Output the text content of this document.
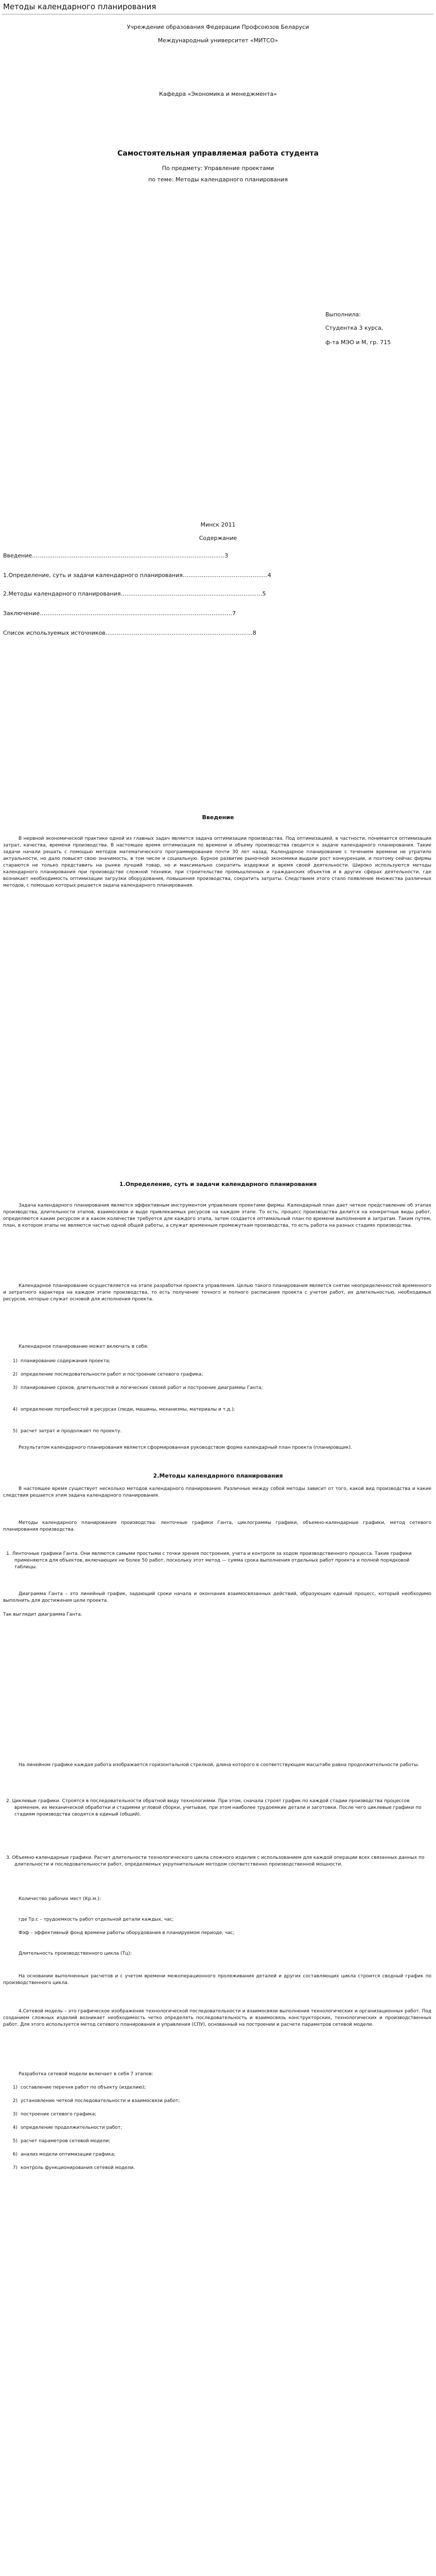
Методы календарного планирования
Учреждение образования Федерации Профсоюзов Беларуси
Международный университет «МИТСО»
Кафедра «Экономика и менеджмента»
Самостоятельная управляемая работа студента
По предмету: Управление проектами
по теме: Методы календарного планирования
Выполнила:
Студентка 3 курса,
ф-та МЭО и М, гр. 715
Минск 2011
Содержание
Введение…………………………………………………………………………………………3
1.Определение, суть и задачи календарного планирования………………………………………4
2.Методы календарного планирования…………………………………………………………………5
Заключение…………………………………………………………………………………………7
Список используемых источников……………………………………………………………………8
Введение

В нервной экономической практике одной из главных задач является задача оптимизации производства. Под оптимизацией, в частности, понимается оптимизация затрат, качества, времени производства. В настоящее время оптимизация по времени и объему производства сводится к задаче календарного планирования. Такие задачи начали решать с помощью методов математического программирования почти 30 лет назад. Календарное планирование с течением времени не утратило актуальности, но дало повысят свою значимость, в том числе и социальную. Бурное развитие рыночной экономики выдали рост конкуренции, и поэтому сейчас фирмы стараются не только представить на рынке лучший товар, но и максимально сократить издержки и время своей деятельности. Широко используются методы календарного планирования при производстве сложной техники, при строительстве промышленных и гражданских объектов и в других сферах деятельности, где возникает необходимость оптимизации загрузки оборудования, повышения производства, сократить затраты. Следствием этого стало появление множества различных методов, с помощью которых решается задача календарного планирования.

1.Определение, суть и задачи календарного планирования

Задача календарного планирования является эффективным инструментом управления проектами фирмы. Календарный план дает четкое представление об этапах производства, длительности этапов, взаимосвязи и выде привлекаемых ресурсов на каждом этапе. То есть, процесс производства делится на конкретные виды работ, определяются каким ресурсом и в каком количестве требуется для каждого этапа, затем создается оптимальный план по времени выполнения и затратам. Таким путем, план, в котором этапы не являются частью одной общей работы, а служат временным промежуткам производства, то есть работа на разных стадиях производства.

Календарное планирование осуществляется на этапе разработки проекта управления. Целью такого планирования является снятие неопределенностей временного и затратного характера на каждом этапе производства, то есть получение точного и полного расписания проекта с учетом работ, их длительностью, необходимых ресурсов, которые служат основой для исполнения проекта.

Календарное планирование может включать в себя:

1) планирование содержания проекта;

2) определение последовательности работ и построение сетевого графика;

3) планирование сроков, длительностей и логических связей работ и построение диаграммы Ганта;

4) определение потребностей в ресурсах (люди, машины, механизмы, материалы и т.д.);

5) расчет затрат и продолжает по проекту.

Результатом календарного планирования является сформированная руководством форма календарный план проекта (планировщик).

2.Методы календарного планирования

В настоящее время существует несколько методов календарного планирования. Различные между собой методы зависит от того, какой вид производства и какие следствия решается этим задача календарного планирования.

Методы календарного планирования производства: ленточные графики Ганта, циклограммы графики, объемно-календарные графики, метод сетевого планирования производства.

1. Ленточные графики Ганта. Они являются самыми простыми с точки зрения построения, учета и контроля за ходом производственного процесса. Такие графики применяются для объектов, включающих не более 50 работ, поскольку этот метод — сумма срока выполнения отдельных работ проекта и полной порядковой таблицы.

Диаграмма Ганта – это линейный график, задающий сроки начала и окончания взаимосвязанных действий, образующих единый процесс, который необходимо выполнить для достижения цели проекта.

Так выглядит диаграмма Ганта.

На линейном графике каждая работа изображается горизонтальной стрелкой, длина которого в соответствующем масштабе равна продолжительности работы.

2. Циклевые графики. Строятся в последовательности обратной виду технологиями. При этом, сначала строят график по каждой стадии производства процессов временем, их механической обработки и стадиями угловой сборки, учитывая, при этом наиболее трудоемкие детали и заготовки. После чего циклевые графики по стадиям производства сводятся в единый (общий).

3. Объемно-календарные графики. Расчет длительности технологического цикла сложного изделия с использованием для каждой операции всех связанных данных по длительности и последовательности работ, определяемых укрупнительным методом соответственно производственной мощности.

Количество рабочих мест (Кр.м.):

где Тр.с – трудоемкость работ отдельной детали каждых, час;

Фэф – эффективный фонд времени работы оборудования в планируемом периоде, час;

Длительность производственного цикла (Тц):

На основании выполненных расчетов и с учетом времени межоперационного пролеживания деталей и других составляющих цикла строится сводный график по производственного цикла.

4.Сетевой модель – это графическое изображение технологической последовательности и взаимосвязи выполнения технологических и организационных работ. Под созданием сложных изделий возникает необходимость четко определять последовательность и взаимосвязь конструкторских, технологических и производственных работ. Для этого используется метод сетевого планирования и управления (СПУ), основанный на построении и расчете параметров сетевой модели.

Разработка сетевой модели включает в себя 7 этапов:

1) составление перечня работ по объекту (изделию);

2) установление четкой последовательности и взаимосвязи работ;

3) построение сетевого графика;

4) определение продолжительности работ;

5) расчет параметров сетевой модели;

6) анализ модели оптимизации графика;

7) контроль функционирования сетевой модели.
